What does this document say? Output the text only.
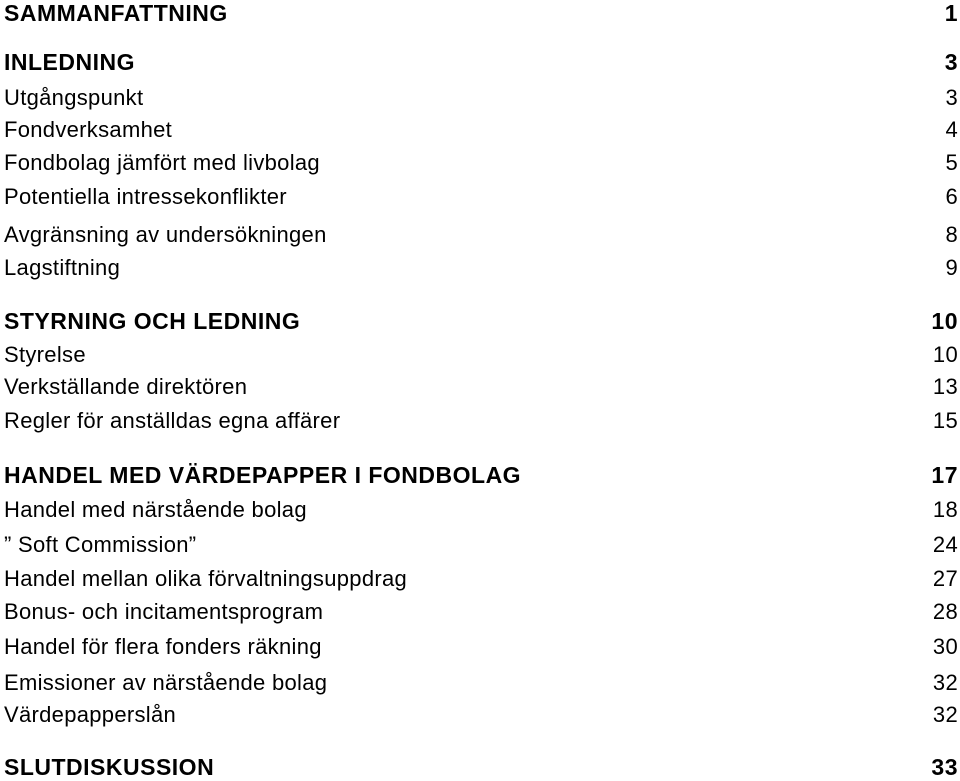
SAMMANFATTNING	1
INLEDNING	3
Utgångspunkt	3
Fondverksamhet	4
Fondbolag jämfört med livbolag	5
Potentiella intressekonflikter	6
Avgränsning av undersökningen	8
Lagstiftning	9
STYRNING OCH LEDNING	10
Styrelse	10
Verkställande direktören	13
Regler för anställdas egna affärer	15
HANDEL MED VÄRDEPAPPER I FONDBOLAG	17
Handel med närstående bolag	18
” Soft Commission”	24
Handel mellan olika förvaltningsuppdrag	27
Bonus- och incitamentsprogram	28
Handel för flera fonders räkning	30
Emissioner av närstående bolag	32
Värdepapperslån	32
SLUTDISKUSSION	33
